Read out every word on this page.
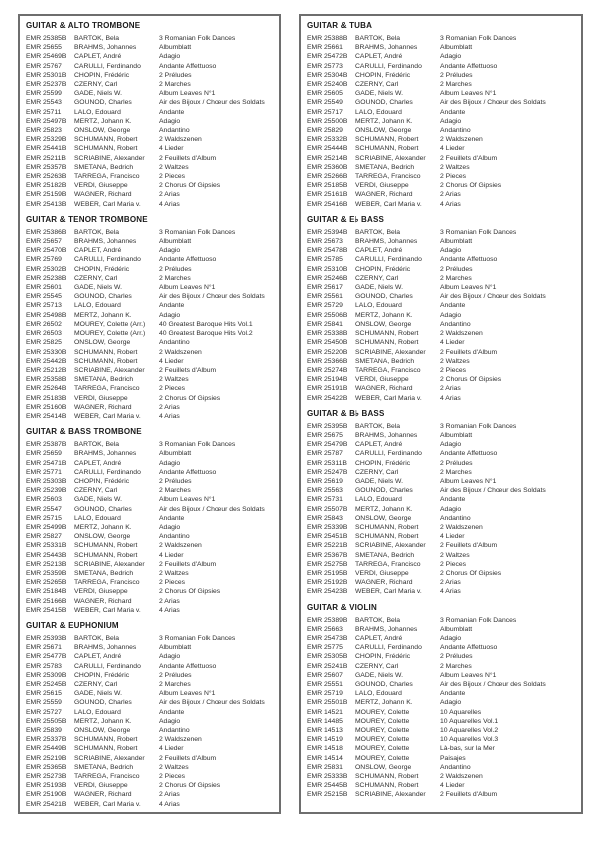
GUITAR & ALTO TROMBONE
EMR 25385B	BARTOK, Bela	3 Romanian Folk Dances
EMR 25655	BRAHMS, Johannes	Albumblatt
EMR 25469B	CAPLET, André	Adagio
EMR 25767	CARULLI, Ferdinando	Andante Affettuoso
EMR 25301B	CHOPIN, Frédéric	2 Préludes
EMR 25237B	CZERNY, Carl	2 Marches
EMR 25599	GADE, Niels W.	Album Leaves N°1
EMR 25543	GOUNOD, Charles	Air des Bijoux / Chœur des Soldats
EMR 25711	LALO, Edouard	Andante
EMR 25497B	MERTZ, Johann K.	Adagio
EMR 25823	ONSLOW, George	Andantino
EMR 25329B	SCHUMANN, Robert	2 Waldszenen
EMR 25441B	SCHUMANN, Robert	4 Lieder
EMR 25211B	SCRIABINE, Alexander	2 Feuillets d'Album
EMR 25357B	SMETANA, Bedrich	2 Waltzes
EMR 25263B	TARREGA, Francisco	2 Pieces
EMR 25182B	VERDI, Giuseppe	2 Chorus Of Gipsies
EMR 25159B	WAGNER, Richard	2 Arias
EMR 25413B	WEBER, Carl Maria v.	4 Arias
GUITAR & TENOR TROMBONE
EMR 25386B	BARTOK, Bela	3 Romanian Folk Dances
EMR 25657	BRAHMS, Johannes	Albumblatt
EMR 25470B	CAPLET, André	Adagio
EMR 25769	CARULLI, Ferdinando	Andante Affettuoso
EMR 25302B	CHOPIN, Frédéric	2 Préludes
EMR 25238B	CZERNY, Carl	2 Marches
EMR 25601	GADE, Niels W.	Album Leaves N°1
EMR 25545	GOUNOD, Charles	Air des Bijoux / Chœur des Soldats
EMR 25713	LALO, Edouard	Andante
EMR 25498B	MERTZ, Johann K.	Adagio
EMR 26502	MOUREY, Colette (Arr.)	40 Greatest Baroque Hits Vol.1
EMR 26503	MOUREY, Colette (Arr.)	40 Greatest Baroque Hits Vol.2
EMR 25825	ONSLOW, George	Andantino
EMR 25330B	SCHUMANN, Robert	2 Waldszenen
EMR 25442B	SCHUMANN, Robert	4 Lieder
EMR 25212B	SCRIABINE, Alexander	2 Feuillets d'Album
EMR 25358B	SMETANA, Bedrich	2 Waltzes
EMR 25264B	TARREGA, Francisco	2 Pieces
EMR 25183B	VERDI, Giuseppe	2 Chorus Of Gipsies
EMR 25160B	WAGNER, Richard	2 Arias
EMR 25414B	WEBER, Carl Maria v.	4 Arias
GUITAR & BASS TROMBONE
EMR 25387B	BARTOK, Bela	3 Romanian Folk Dances
EMR 25659	BRAHMS, Johannes	Albumblatt
EMR 25471B	CAPLET, André	Adagio
EMR 25771	CARULLI, Ferdinando	Andante Affettuoso
EMR 25303B	CHOPIN, Frédéric	2 Préludes
EMR 25239B	CZERNY, Carl	2 Marches
EMR 25603	GADE, Niels W.	Album Leaves N°1
EMR 25547	GOUNOD, Charles	Air des Bijoux / Chœur des Soldats
EMR 25715	LALO, Edouard	Andante
EMR 25499B	MERTZ, Johann K.	Adagio
EMR 25827	ONSLOW, George	Andantino
EMR 25331B	SCHUMANN, Robert	2 Waldszenen
EMR 25443B	SCHUMANN, Robert	4 Lieder
EMR 25213B	SCRIABINE, Alexander	2 Feuillets d'Album
EMR 25359B	SMETANA, Bedrich	2 Waltzes
EMR 25265B	TARREGA, Francisco	2 Pieces
EMR 25184B	VERDI, Giuseppe	2 Chorus Of Gipsies
EMR 25166B	WAGNER, Richard	2 Arias
EMR 25415B	WEBER, Carl Maria v.	4 Arias
GUITAR & EUPHONIUM
EMR 25393B	BARTOK, Bela	3 Romanian Folk Dances
EMR 25671	BRAHMS, Johannes	Albumblatt
EMR 25477B	CAPLET, André	Adagio
EMR 25783	CARULLI, Ferdinando	Andante Affettuoso
EMR 25309B	CHOPIN, Frédéric	2 Préludes
EMR 25245B	CZERNY, Carl	2 Marches
EMR 25615	GADE, Niels W.	Album Leaves N°1
EMR 25559	GOUNOD, Charles	Air des Bijoux / Chœur des Soldats
EMR 25727	LALO, Edouard	Andante
EMR 25505B	MERTZ, Johann K.	Adagio
EMR 25839	ONSLOW, George	Andantino
EMR 25337B	SCHUMANN, Robert	2 Waldszenen
EMR 25449B	SCHUMANN, Robert	4 Lieder
EMR 25219B	SCRIABINE, Alexander	2 Feuillets d'Album
EMR 25365B	SMETANA, Bedrich	2 Waltzes
EMR 25273B	TARREGA, Francisco	2 Pieces
EMR 25193B	VERDI, Giuseppe	2 Chorus Of Gipsies
EMR 25190B	WAGNER, Richard	2 Arias
EMR 25421B	WEBER, Carl Maria v.	4 Arias
GUITAR & TUBA
EMR 25388B	BARTOK, Bela	3 Romanian Folk Dances
EMR 25661	BRAHMS, Johannes	Albumblatt
EMR 25472B	CAPLET, André	Adagio
EMR 25773	CARULLI, Ferdinando	Andante Affettuoso
EMR 25304B	CHOPIN, Frédéric	2 Préludes
EMR 25240B	CZERNY, Carl	2 Marches
EMR 25605	GADE, Niels W.	Album Leaves N°1
EMR 25549	GOUNOD, Charles	Air des Bijoux / Chœur des Soldats
EMR 25717	LALO, Edouard	Andante
EMR 25500B	MERTZ, Johann K.	Adagio
EMR 25829	ONSLOW, George	Andantino
EMR 25332B	SCHUMANN, Robert	2 Waldszenen
EMR 25444B	SCHUMANN, Robert	4 Lieder
EMR 25214B	SCRIABINE, Alexander	2 Feuillets d'Album
EMR 25360B	SMETANA, Bedrich	2 Waltzes
EMR 25266B	TARREGA, Francisco	2 Pieces
EMR 25185B	VERDI, Giuseppe	2 Chorus Of Gipsies
EMR 25161B	WAGNER, Richard	2 Arias
EMR 25416B	WEBER, Carl Maria v.	4 Arias
GUITAR & E♭ BASS
EMR 25394B	BARTOK, Bela	3 Romanian Folk Dances
EMR 25673	BRAHMS, Johannes	Albumblatt
EMR 25478B	CAPLET, André	Adagio
EMR 25785	CARULLI, Ferdinando	Andante Affettuoso
EMR 25310B	CHOPIN, Frédéric	2 Préludes
EMR 25246B	CZERNY, Carl	2 Marches
EMR 25617	GADE, Niels W.	Album Leaves N°1
EMR 25561	GOUNOD, Charles	Air des Bijoux / Chœur des Soldats
EMR 25729	LALO, Edouard	Andante
EMR 25506B	MERTZ, Johann K.	Adagio
EMR 25841	ONSLOW, George	Andantino
EMR 25338B	SCHUMANN, Robert	2 Waldszenen
EMR 25450B	SCHUMANN, Robert	4 Lieder
EMR 25220B	SCRIABINE, Alexander	2 Feuillets d'Album
EMR 25366B	SMETANA, Bedrich	2 Waltzes
EMR 25274B	TARREGA, Francisco	2 Pieces
EMR 25194B	VERDI, Giuseppe	2 Chorus Of Gipsies
EMR 25191B	WAGNER, Richard	2 Arias
EMR 25422B	WEBER, Carl Maria v.	4 Arias
GUITAR & B♭ BASS
EMR 25395B	BARTOK, Bela	3 Romanian Folk Dances
EMR 25675	BRAHMS, Johannes	Albumblatt
EMR 25479B	CAPLET, André	Adagio
EMR 25787	CARULLI, Ferdinando	Andante Affettuoso
EMR 25311B	CHOPIN, Frédéric	2 Préludes
EMR 25247B	CZERNY, Carl	2 Marches
EMR 25619	GADE, Niels W.	Album Leaves N°1
EMR 25563	GOUNOD, Charles	Air des Bijoux / Chœur des Soldats
EMR 25731	LALO, Edouard	Andante
EMR 25507B	MERTZ, Johann K.	Adagio
EMR 25843	ONSLOW, George	Andantino
EMR 25339B	SCHUMANN, Robert	2 Waldszenen
EMR 25451B	SCHUMANN, Robert	4 Lieder
EMR 25221B	SCRIABINE, Alexander	2 Feuillets d'Album
EMR 25367B	SMETANA, Bedrich	2 Waltzes
EMR 25275B	TARREGA, Francisco	2 Pieces
EMR 25195B	VERDI, Giuseppe	2 Chorus Of Gipsies
EMR 25192B	WAGNER, Richard	2 Arias
EMR 25423B	WEBER, Carl Maria v.	4 Arias
GUITAR & VIOLIN
EMR 25389B	BARTOK, Bela	3 Romanian Folk Dances
EMR 25663	BRAHMS, Johannes	Albumblatt
EMR 25473B	CAPLET, André	Adagio
EMR 25775	CARULLI, Ferdinando	Andante Affettuoso
EMR 25305B	CHOPIN, Frédéric	2 Préludes
EMR 25241B	CZERNY, Carl	2 Marches
EMR 25607	GADE, Niels W.	Album Leaves N°1
EMR 25551	GOUNOD, Charles	Air des Bijoux / Chœur des Soldats
EMR 25719	LALO, Edouard	Andante
EMR 25501B	MERTZ, Johann K.	Adagio
EMR 14521	MOUREY, Colette	10 Aquarelles
EMR 14485	MOUREY, Colette	10 Aquarelles Vol.1
EMR 14513	MOUREY, Colette	10 Aquarelles Vol.2
EMR 14519	MOUREY, Colette	10 Aquarelles Vol.3
EMR 14518	MOUREY, Colette	Là-bas, sur la Mer
EMR 14514	MOUREY, Colette	Paisajes
EMR 25831	ONSLOW, George	Andantino
EMR 25333B	SCHUMANN, Robert	2 Waldszenen
EMR 25445B	SCHUMANN, Robert	4 Lieder
EMR 25215B	SCRIABINE, Alexander	2 Feuillets d'Album
